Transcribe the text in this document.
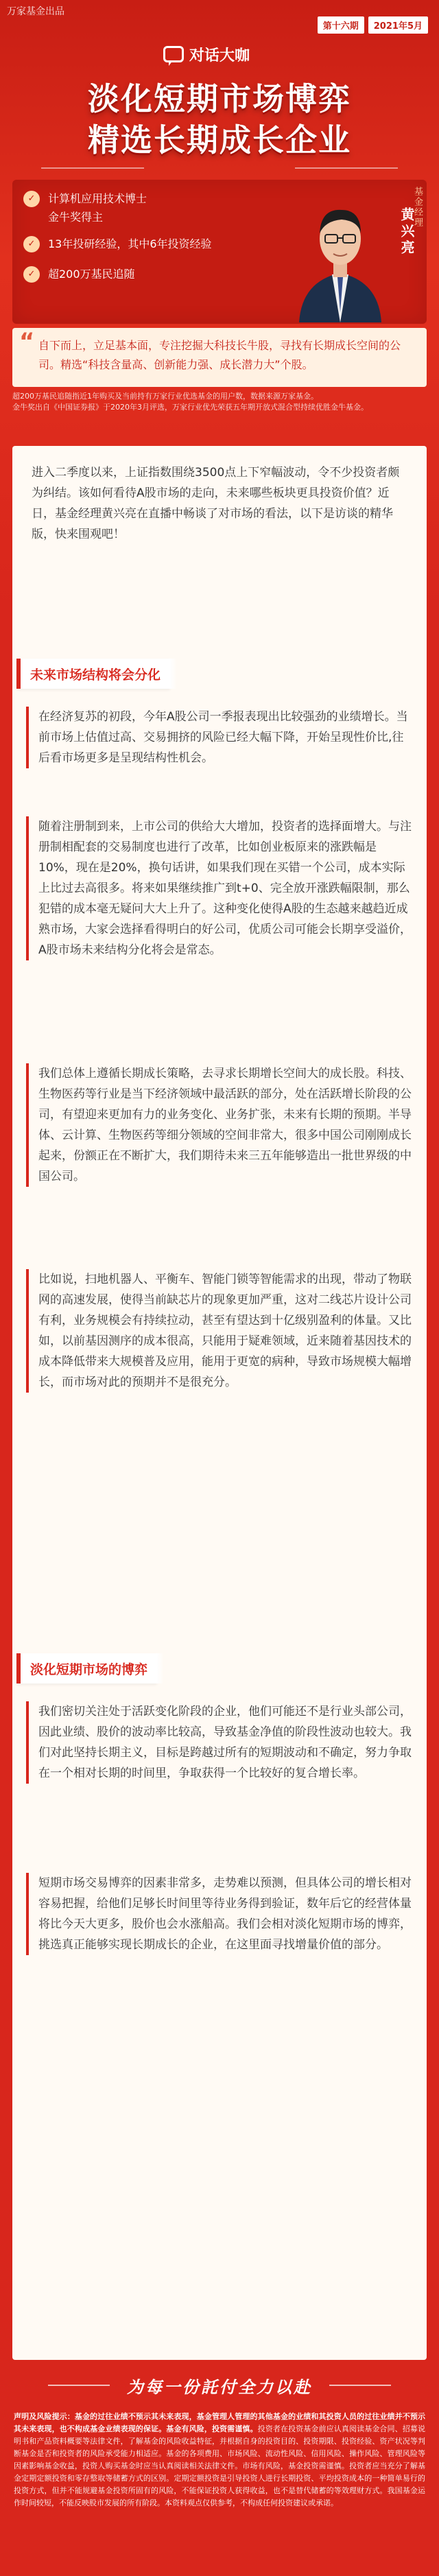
万家基金出品
第十六期	2021年5月
对话大咖
淡化短期市场博弈
精选长期成长企业
✓	计算机应用技术博士
金牛奖得主
✓	13年投研经验，其中6年投资经验
✓	超200万基民追随
基金经理
黄兴亮
“ 自下而上，立足基本面，专注挖掘大科技长牛股，寻找有长期成长空间的公司。精选“科技含量高、创新能力强、成长潜力大”个股。

超200万基民追随指近1年购买及当前持有万家行业优选基金的用户数，数据来源万家基金。

金牛奖出自《中国证券报》于2020年3月评选，万家行业优先荣获五年期开放式混合型持续优胜金牛基金。

进入二季度以来，上证指数围绕3500点上下窄幅波动，令不少投资者颇为纠结。该如何看待A股市场的走向，未来哪些板块更具投资价值？近日，基金经理黄兴亮在直播中畅谈了对市场的看法，以下是访谈的精华版，快来围观吧！

未来市场结构将会分化

在经济复苏的初段，今年A股公司一季报表现出比较强劲的业绩增长。当前市场上估值过高、交易拥挤的风险已经大幅下降，开始呈现性价比,往后看市场更多是呈现结构性机会。

随着注册制到来，上市公司的供给大大增加，投资者的选择面增大。与注册制相配套的交易制度也进行了改革，比如创业板原来的涨跌幅是10%，现在是20%，换句话讲，如果我们现在买错一个公司，成本实际上比过去高很多。将来如果继续推广到t+0、完全放开涨跌幅限制，那么犯错的成本毫无疑问大大上升了。这种变化使得A股的生态越来越趋近成熟市场，大家会选择看得明白的好公司，优质公司可能会长期享受溢价，A股市场未来结构分化将会是常态。

我们总体上遵循长期成长策略，去寻求长期增长空间大的成长股。科技、生物医药等行业是当下经济领域中最活跃的部分，处在活跃增长阶段的公司，有望迎来更加有力的业务变化、业务扩张，未来有长期的预期。半导体、云计算、生物医药等细分领域的空间非常大，很多中国公司刚刚成长起来，份额正在不断扩大，我们期待未来三五年能够造出一批世界级的中国公司。

比如说，扫地机器人、平衡车、智能门锁等智能需求的出现，带动了物联网的高速发展，使得当前缺芯片的现象更加严重，这对二线芯片设计公司有利，业务规模会有持续拉动，甚至有望达到十亿级别盈利的体量。又比如，以前基因测序的成本很高，只能用于疑难领域，近来随着基因技术的成本降低带来大规模普及应用，能用于更宽的病种，导致市场规模大幅增长，而市场对此的预期并不是很充分。

淡化短期市场的博弈

我们密切关注处于活跃变化阶段的企业，他们可能还不是行业头部公司，因此业绩、股价的波动率比较高，导致基金净值的阶段性波动也较大。我们对此坚持长期主义，目标是跨越过所有的短期波动和不确定，努力争取在一个相对长期的时间里，争取获得一个比较好的复合增长率。

短期市场交易博弈的因素非常多，走势难以预测，但具体公司的增长相对容易把握，给他们足够长时间里等待业务得到验证，数年后它的经营体量将比今天大更多，股价也会水涨船高。我们会相对淡化短期市场的博弈，挑选真正能够实现长期成长的企业，在这里面寻找增量价值的部分。

为每一份託付全力以赴
声明及风险提示：基金的过往业绩不预示其未来表现，基金管理人管理的其他基金的业绩和其投资人员的过往业绩并不预示其未来表现，也不构成基金业绩表现的保证。基金有风险，投资需谨慎。投资者在投资基金前应认真阅读基金合同、招募说明书和产品资料概要等法律文件，了解基金的风险收益特征，并根据自身的投资目的、投资期限、投资经验、资产状况等判断基金是否和投资者的风险承受能力相适应。基金的各项费用、市场风险、流动性风险、信用风险、操作风险、管理风险等因素影响基金收益，投资人购买基金时应当认真阅读相关法律文件。市场有风险，基金投资需谨慎。投资者应当充分了解基金定期定额投资和零存整取等储蓄方式的区别。定期定额投资是引导投资人进行长期投资、平均投资成本的一种简单易行的投资方式，但并不能规避基金投资所固有的风险，不能保证投资人获得收益，也不是替代储蓄的等效理财方式。我国基金运作时间较短，不能反映股市发展的所有阶段。本资料观点仅供参考，不构成任何投资建议或承诺。
